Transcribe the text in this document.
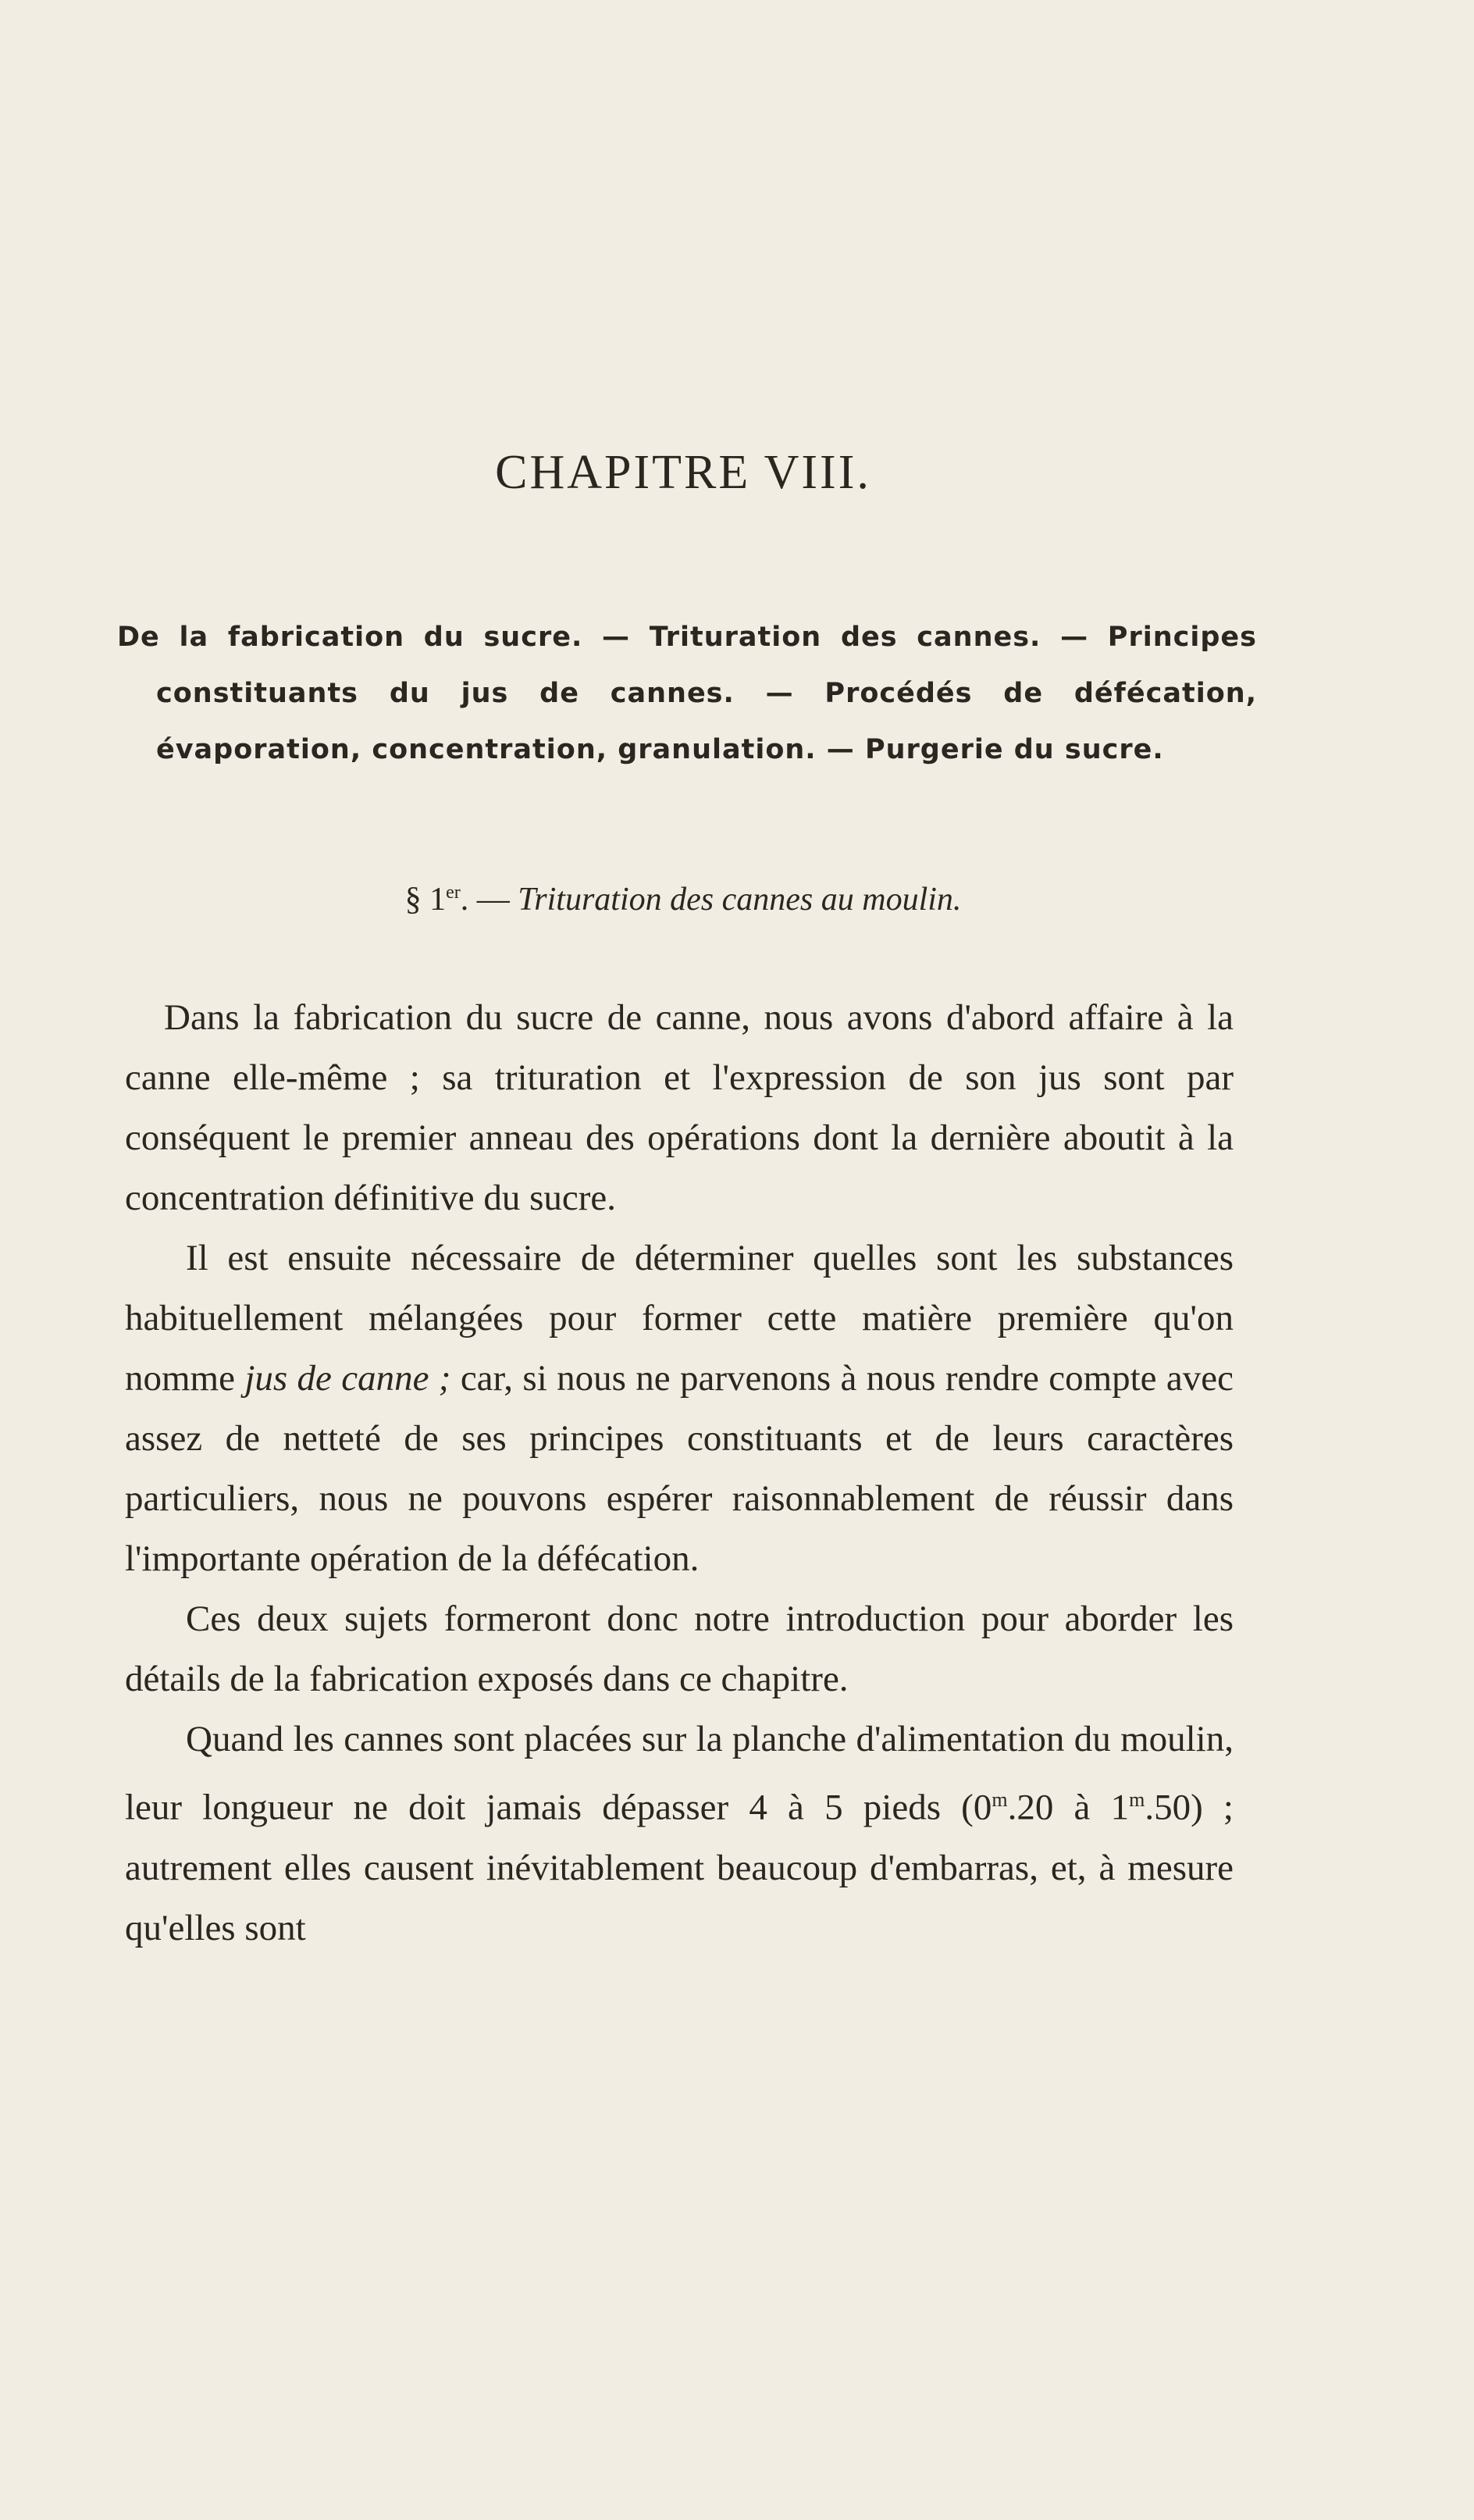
CHAPITRE VIII.

De la fabrication du sucre. — Trituration des cannes. — Principes constituants du jus de cannes. — Procédés de défécation, évaporation, concentration, granulation. — Purgerie du sucre.

§ 1er. — Trituration des cannes au moulin.

Dans la fabrication du sucre de canne, nous avons d'abord affaire à la canne elle-même ; sa trituration et l'expression de son jus sont par conséquent le premier anneau des opérations dont la dernière aboutit à la concentration définitive du sucre.

Il est ensuite nécessaire de déterminer quelles sont les substances habituellement mélangées pour former cette matière première qu'on nomme jus de canne ; car, si nous ne parvenons à nous rendre compte avec assez de netteté de ses principes constituants et de leurs caractères particuliers, nous ne pouvons espérer raisonnablement de réussir dans l'importante opération de la défécation.

Ces deux sujets formeront donc notre introduction pour aborder les détails de la fabrication exposés dans ce chapitre.

Quand les cannes sont placées sur la planche d'alimentation du moulin, leur longueur ne doit jamais dépasser 4 à 5 pieds (0$^m$.20 à 1$^m$.50) ; autrement elles causent inévitablement beaucoup d'embarras, et, à mesure qu'elles sont
